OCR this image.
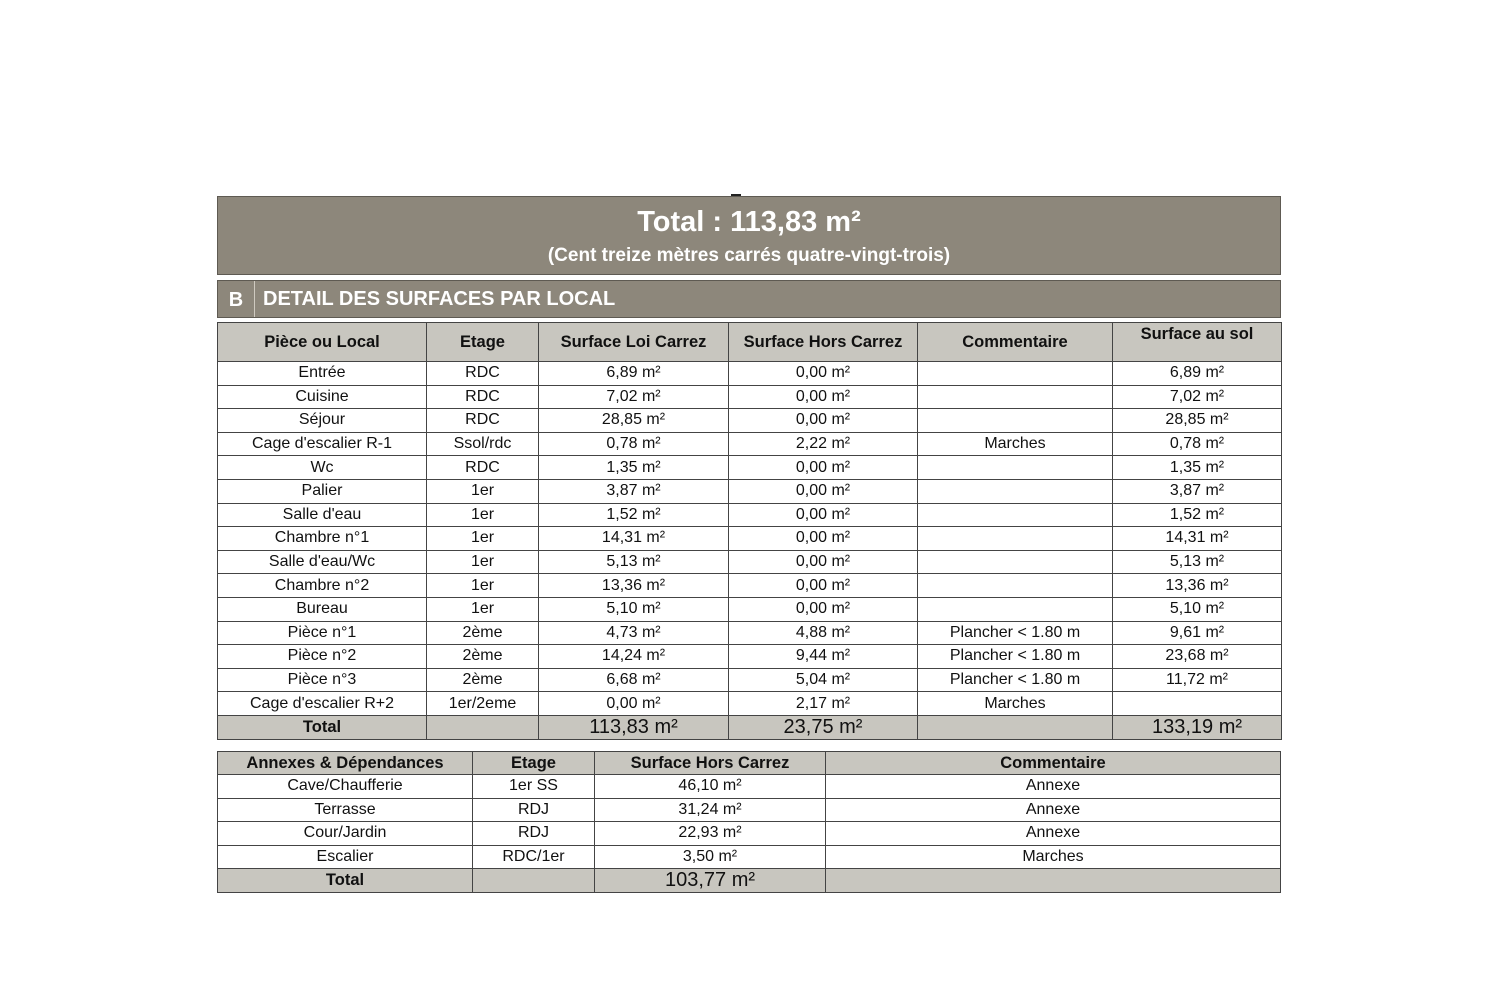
Total : 113,83 m²
(Cent treize mètres carrés quatre-vingt-trois)
B DETAIL DES SURFACES PAR LOCAL
Pièce ou Local	Etage	Surface Loi Carrez	Surface Hors Carrez	Commentaire	Surface au sol
Entrée	RDC	6,89 m²	0,00 m²		6,89 m²
Cuisine	RDC	7,02 m²	0,00 m²		7,02 m²
Séjour	RDC	28,85 m²	0,00 m²		28,85 m²
Cage d'escalier R-1	Ssol/rdc	0,78 m²	2,22 m²	Marches	0,78 m²
Wc	RDC	1,35 m²	0,00 m²		1,35 m²
Palier	1er	3,87 m²	0,00 m²		3,87 m²
Salle d'eau	1er	1,52 m²	0,00 m²		1,52 m²
Chambre n°1	1er	14,31 m²	0,00 m²		14,31 m²
Salle d'eau/Wc	1er	5,13 m²	0,00 m²		5,13 m²
Chambre n°2	1er	13,36 m²	0,00 m²		13,36 m²
Bureau	1er	5,10 m²	0,00 m²		5,10 m²
Pièce n°1	2ème	4,73 m²	4,88 m²	Plancher < 1.80 m	9,61 m²
Pièce n°2	2ème	14,24 m²	9,44 m²	Plancher < 1.80 m	23,68 m²
Pièce n°3	2ème	6,68 m²	5,04 m²	Plancher < 1.80 m	11,72 m²
Cage d'escalier R+2	1er/2eme	0,00 m²	2,17 m²	Marches	
Total		113,83 m²	23,75 m²		133,19 m²
Annexes & Dépendances	Etage	Surface Hors Carrez	Commentaire
Cave/Chaufferie	1er SS	46,10 m²	Annexe
Terrasse	RDJ	31,24 m²	Annexe
Cour/Jardin	RDJ	22,93 m²	Annexe
Escalier	RDC/1er	3,50 m²	Marches
Total		103,77 m²	
